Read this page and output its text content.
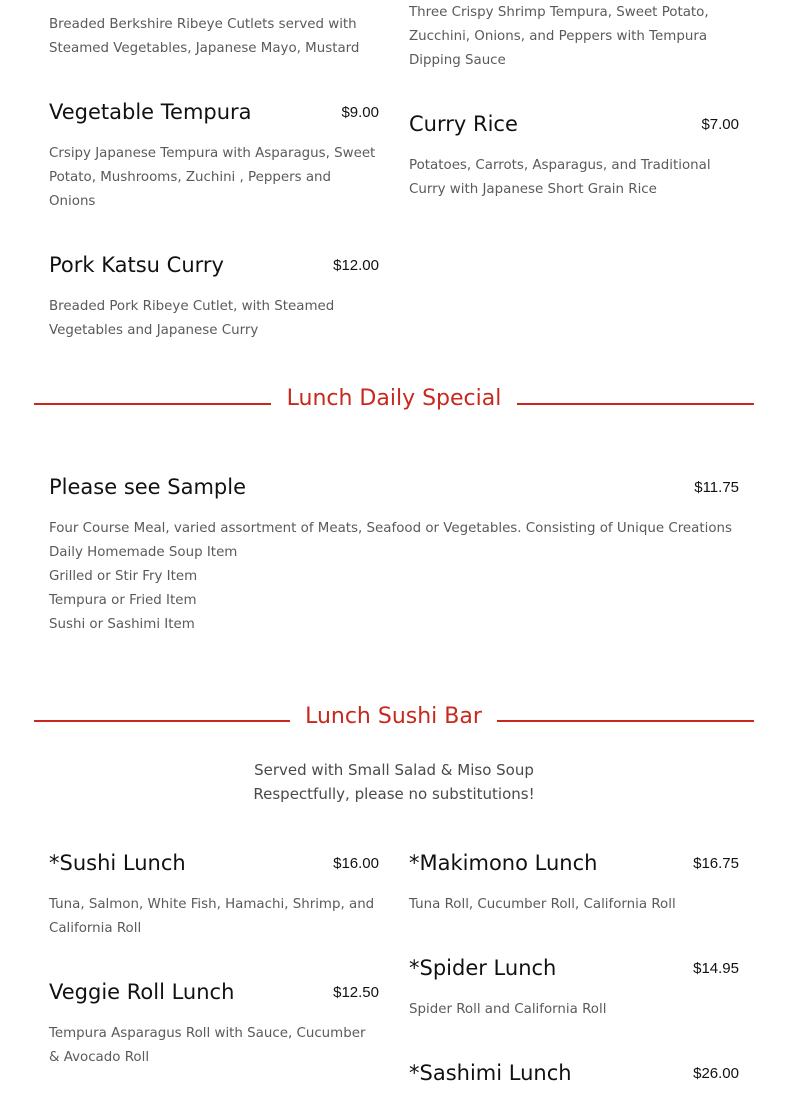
Breaded Berkshire Ribeye Cutlets served with Steamed Vegetables, Japanese Mayo, Mustard
Three Crispy Shrimp Tempura, Sweet Potato, Zucchini, Onions, and Peppers with Tempura Dipping Sauce
Vegetable Tempura	$9.00
Crsipy Japanese Tempura with Asparagus, Sweet Potato, Mushrooms, Zuchini , Peppers and Onions
Curry Rice	$7.00
Potatoes, Carrots, Asparagus, and Traditional Curry with Japanese Short Grain Rice
Pork Katsu Curry	$12.00
Breaded Pork Ribeye Cutlet, with Steamed Vegetables and Japanese Curry
Lunch Daily Special
Please see Sample	$11.75
Four Course Meal, varied assortment of Meats, Seafood or Vegetables. Consisting of Unique Creations
Daily Homemade Soup Item
Grilled or Stir Fry Item
Tempura or Fried Item
Sushi or Sashimi Item
Lunch Sushi Bar
Served with Small Salad & Miso Soup
Respectfully, please no substitutions!
*Sushi Lunch	$16.00
Tuna, Salmon, White Fish, Hamachi, Shrimp, and California Roll
*Makimono Lunch	$16.75
Tuna Roll, Cucumber Roll, California Roll
Veggie Roll Lunch	$12.50
Tempura Asparagus Roll with Sauce, Cucumber & Avocado Roll
*Spider Lunch	$14.95
Spider Roll and California Roll
*Sashimi Lunch	$26.00
